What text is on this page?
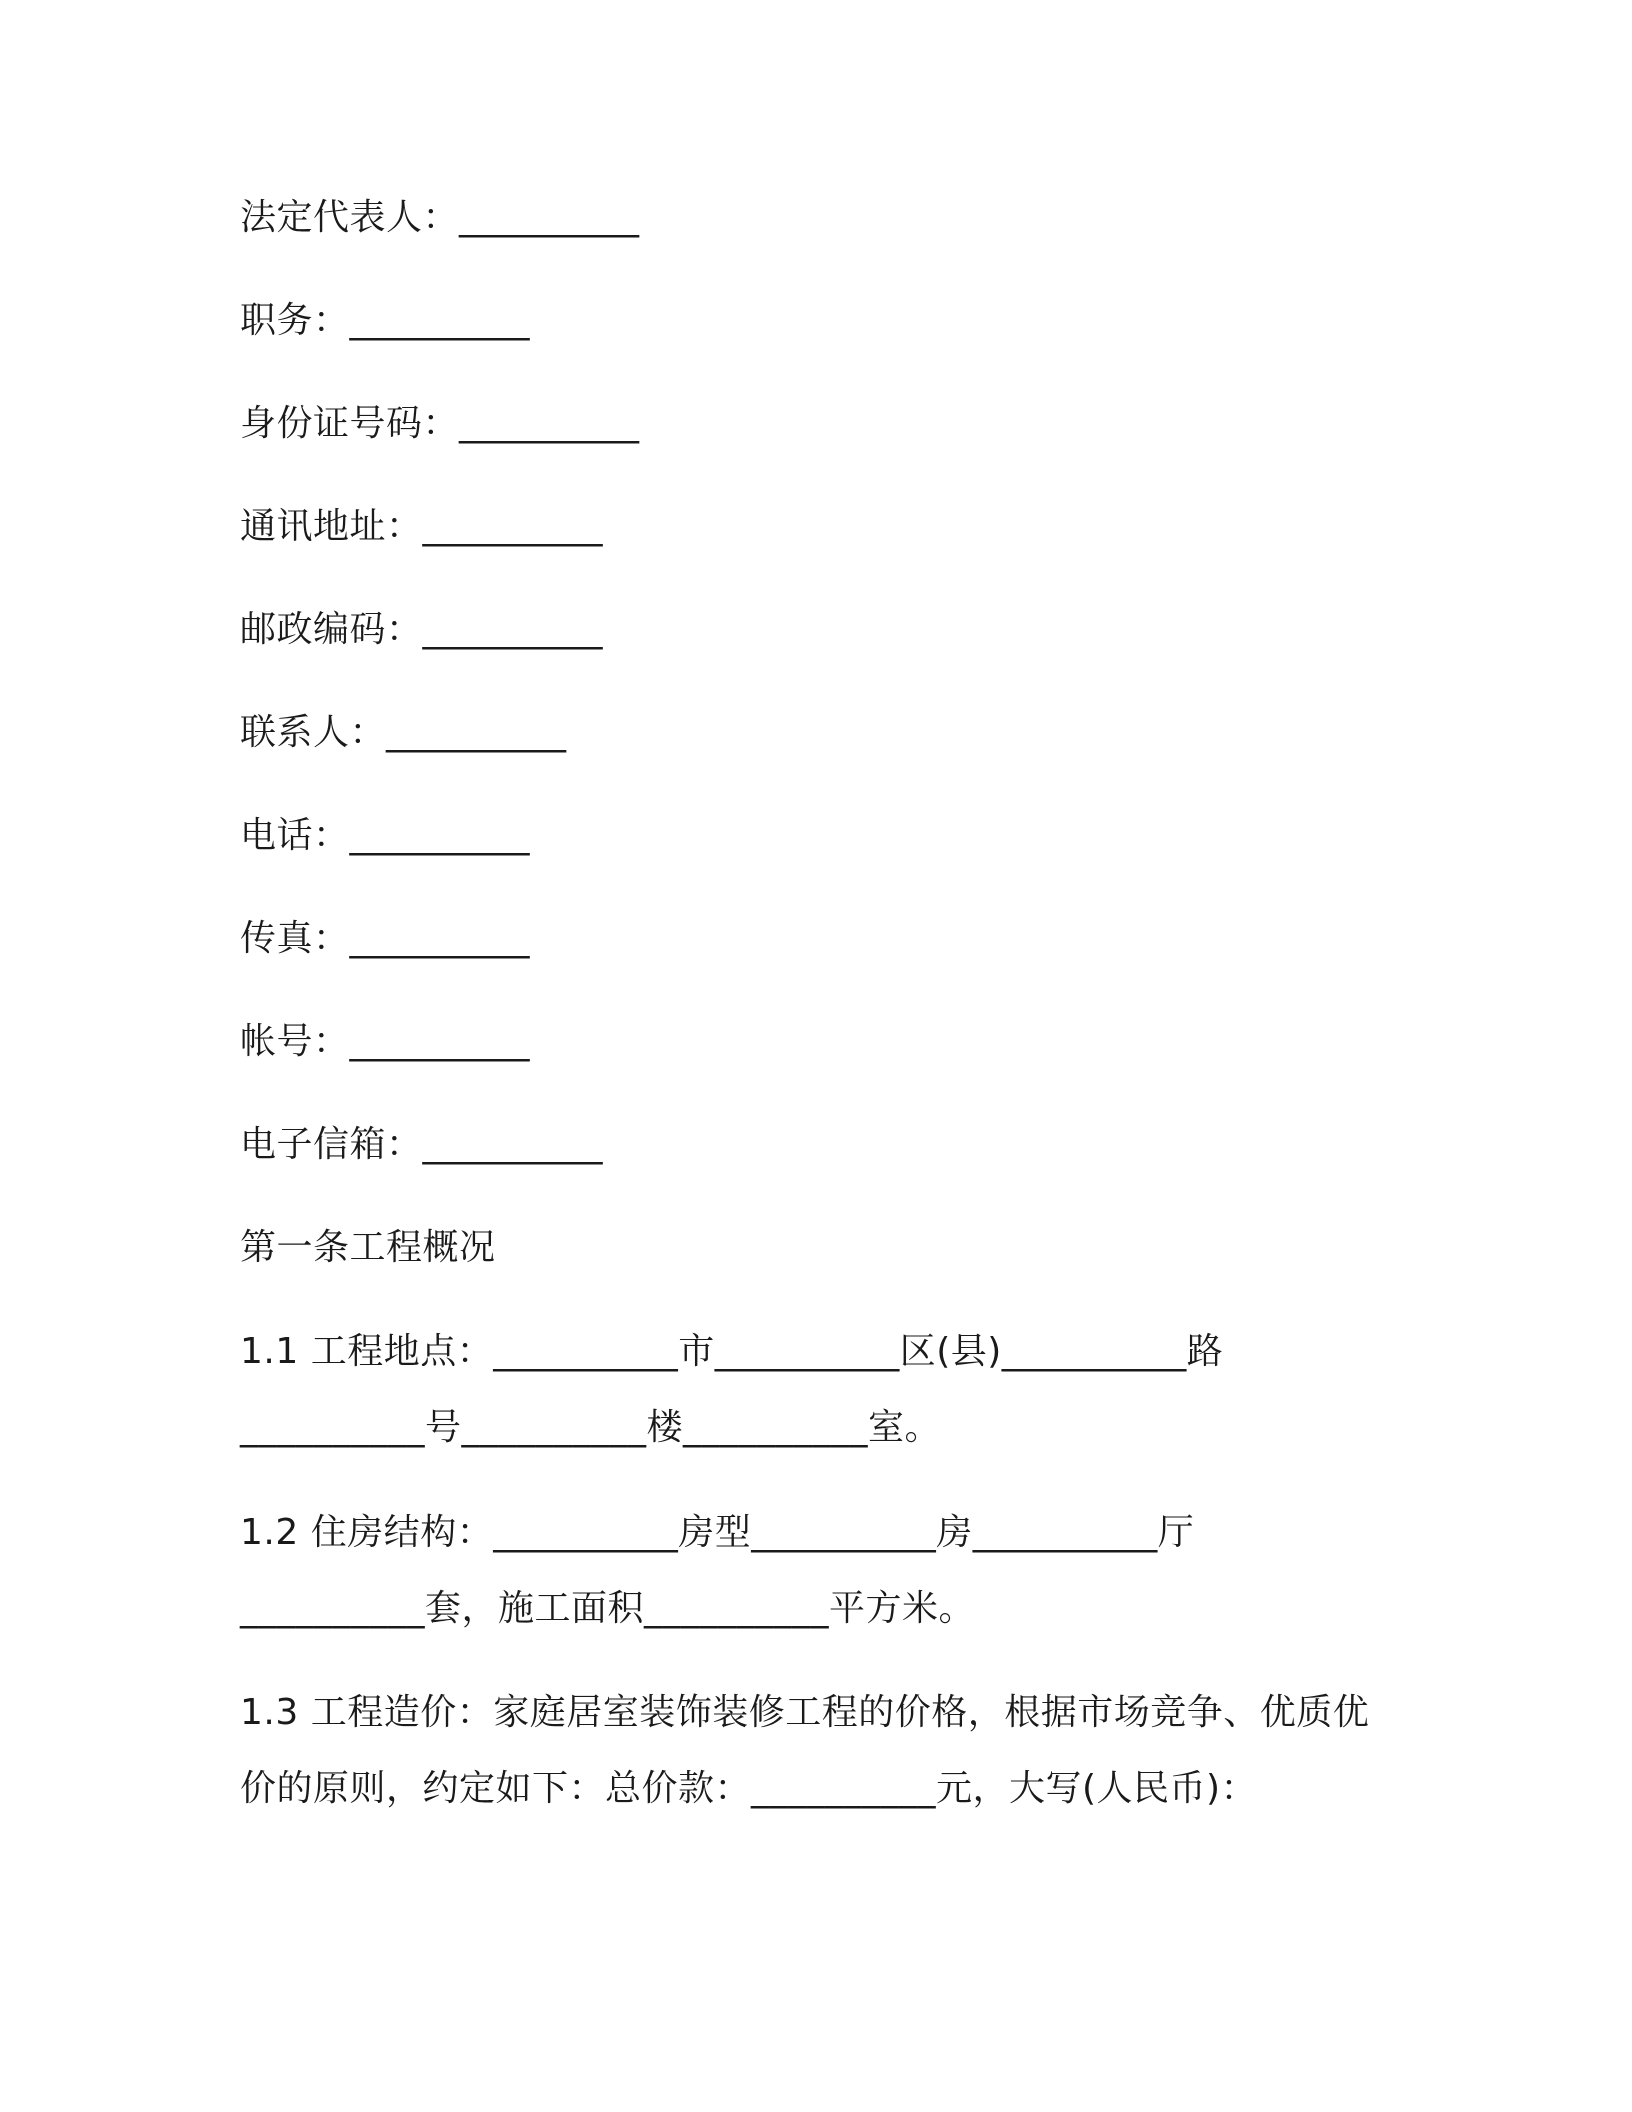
法定代表人：__________
职务：__________
身份证号码：__________
通讯地址：__________
邮政编码：__________
联系人：__________
电话：__________
传真：__________
帐号：__________
电子信箱：__________
第一条工程概况
1.1 工程地点：__________市__________区(县)__________路
__________号__________楼__________室。
1.2 住房结构：__________房型__________房__________厅
__________套，施工面积__________平方米。
1.3 工程造价：家庭居室装饰装修工程的价格，根据市场竞争、优质优
价的原则，约定如下：总价款：__________元，大写(人民币)：
